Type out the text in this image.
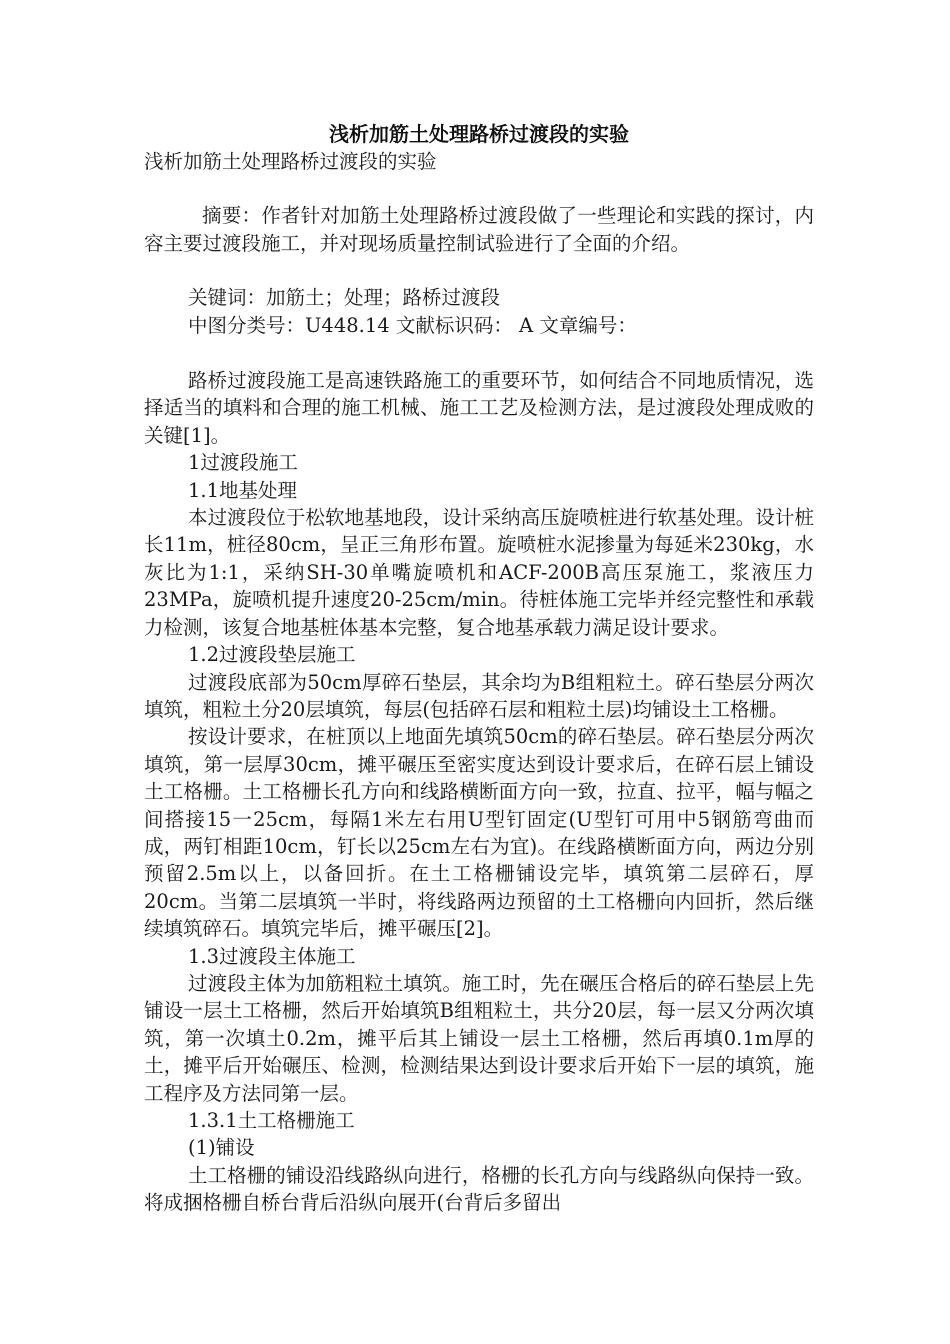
浅析加筋土处理路桥过渡段的实验

浅析加筋土处理路桥过渡段的实验

摘要：作者针对加筋土处理路桥过渡段做了一些理论和实践的探讨，内容主要过渡段施工，并对现场质量控制试验进行了全面的介绍。

关键词：加筋土；处理；路桥过渡段

中图分类号：U448.14 文献标识码： A 文章编号：

路桥过渡段施工是高速铁路施工的重要环节，如何结合不同地质情况，选择适当的填料和合理的施工机械、施工工艺及检测方法，是过渡段处理成败的关键[1]。

1过渡段施工

1.1地基处理

本过渡段位于松软地基地段，设计采纳高压旋喷桩进行软基处理。设计桩长11m，桩径80cm，呈正三角形布置。旋喷桩水泥掺量为每延米230kg，水灰比为1:1，采纳SH-30单嘴旋喷机和ACF-200B高压泵施工，浆液压力23MPa，旋喷机提升速度20-25cm/min。待桩体施工完毕并经完整性和承载力检测，该复合地基桩体基本完整，复合地基承载力满足设计要求。

1.2过渡段垫层施工

过渡段底部为50cm厚碎石垫层，其余均为B组粗粒土。碎石垫层分两次填筑，粗粒土分20层填筑，每层(包括碎石层和粗粒土层)均铺设土工格栅。

按设计要求，在桩顶以上地面先填筑50cm的碎石垫层。碎石垫层分两次填筑，第一层厚30cm，摊平碾压至密实度达到设计要求后，在碎石层上铺设土工格栅。土工格栅长孔方向和线路横断面方向一致，拉直、拉平，幅与幅之间搭接15一25cm，每隔1米左右用U型钉固定(U型钉可用中5钢筋弯曲而成，两钉相距10cm，钉长以25cm左右为宜)。在线路横断面方向，两边分别预留2.5m以上，以备回折。在土工格栅铺设完毕，填筑第二层碎石，厚20cm。当第二层填筑一半时，将线路两边预留的土工格栅向内回折，然后继续填筑碎石。填筑完毕后，摊平碾压[2]。

1.3过渡段主体施工

过渡段主体为加筋粗粒土填筑。施工时，先在碾压合格后的碎石垫层上先铺设一层土工格栅，然后开始填筑B组粗粒土，共分20层，每一层又分两次填筑，第一次填土0.2m，摊平后其上铺设一层土工格栅，然后再填0.1m厚的土，摊平后开始碾压、检测，检测结果达到设计要求后开始下一层的填筑，施工程序及方法同第一层。

1.3.1土工格栅施工

(1)铺设

土工格栅的铺设沿线路纵向进行，格栅的长孔方向与线路纵向保持一致。将成捆格栅自桥台背后沿纵向展开(台背后多留出
